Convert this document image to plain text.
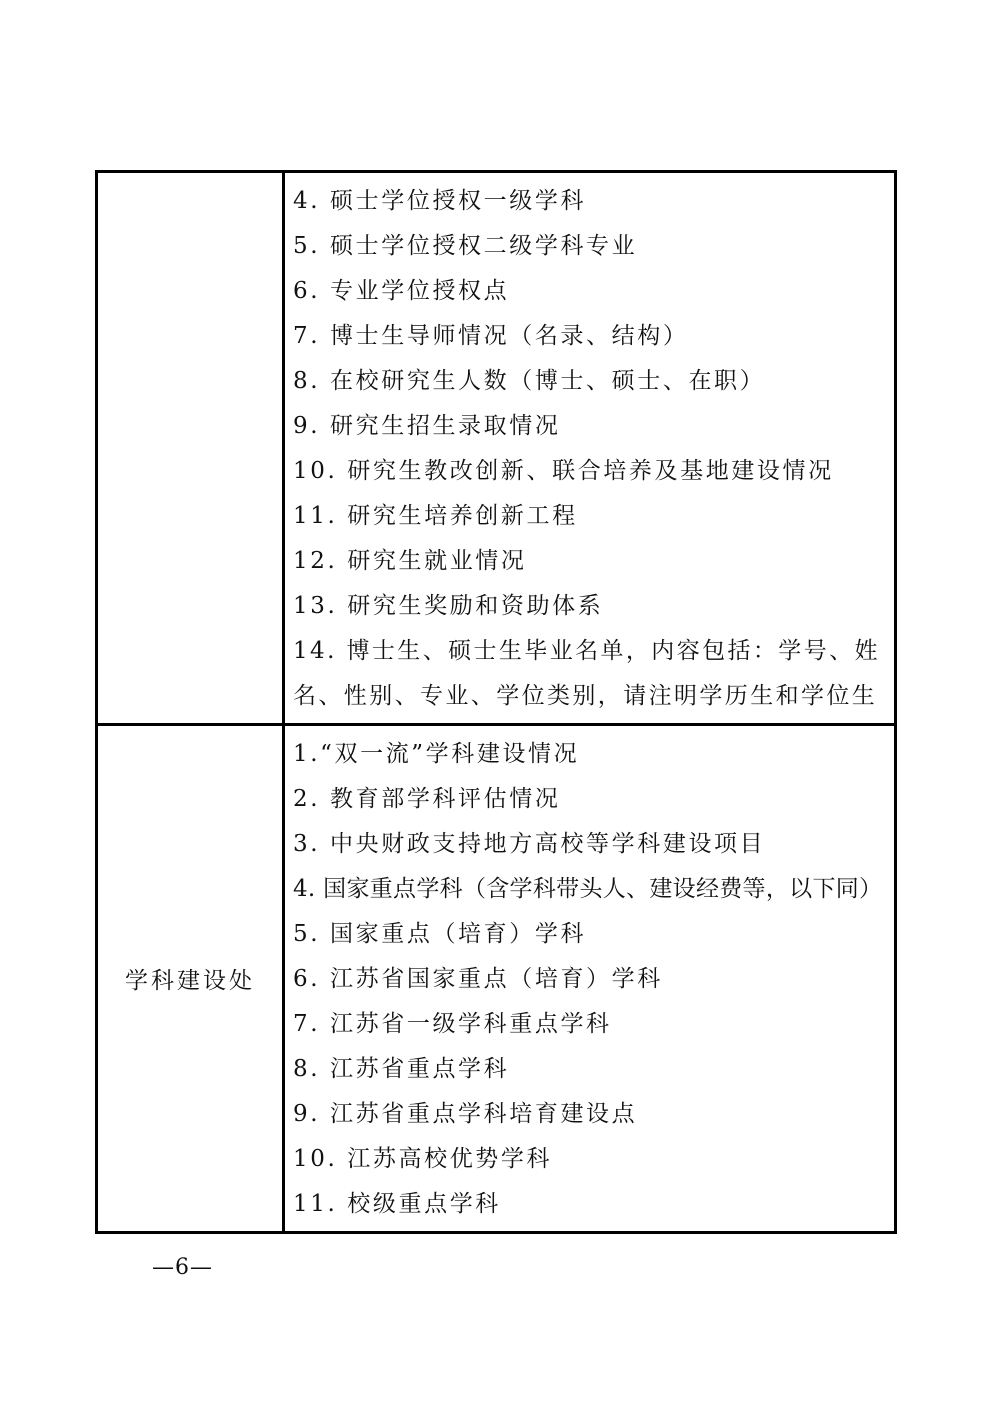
4. 硕士学位授权一级学科
5. 硕士学位授权二级学科专业
6. 专业学位授权点
7. 博士生导师情况（名录、结构）
8. 在校研究生人数（博士、硕士、在职）
9. 研究生招生录取情况
10. 研究生教改创新、联合培养及基地建设情况
11. 研究生培养创新工程
12. 研究生就业情况
13. 研究生奖励和资助体系
14. 博士生、硕士生毕业名单，内容包括：学号、姓
名、性别、专业、学位类别，请注明学历生和学位生
学科建设处
1.“双一流”学科建设情况
2. 教育部学科评估情况
3. 中央财政支持地方高校等学科建设项目
4. 国家重点学科（含学科带头人、建设经费等，以下同）
5. 国家重点（培育）学科
6. 江苏省国家重点（培育）学科
7. 江苏省一级学科重点学科
8. 江苏省重点学科
9. 江苏省重点学科培育建设点
10. 江苏高校优势学科
11. 校级重点学科
—6—
